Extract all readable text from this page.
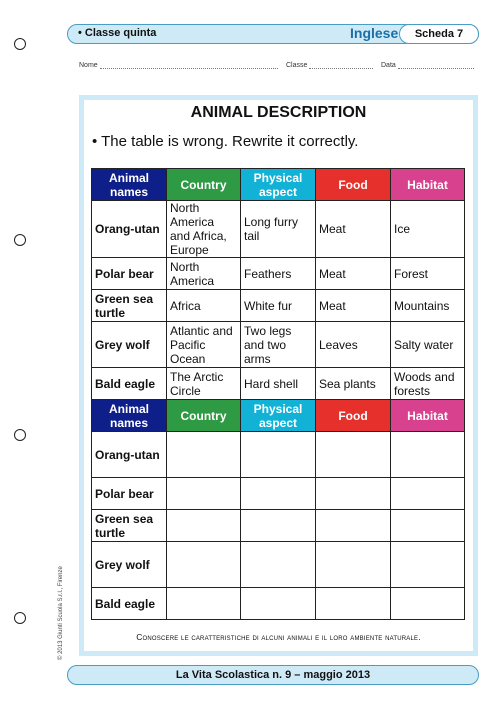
• Classe quinta	Inglese	Scheda 7
Nome	Classe	Data
ANIMAL DESCRIPTION
• The table is wrong. Rewrite it correctly.
Animal names	Country	Physical aspect	Food	Habitat
Orang-utan	North America and Africa, Europe	Long furry tail	Meat	Ice
Polar bear	North America	Feathers	Meat	Forest
Green sea turtle	Africa	White fur	Meat	Mountains
Grey wolf	Atlantic and Pacific Ocean	Two legs and two arms	Leaves	Salty water
Bald eagle	The Arctic Circle	Hard shell	Sea plants	Woods and forests
Animal names	Country	Physical aspect	Food	Habitat
Orang-utan				
Polar bear				
Green sea turtle				
Grey wolf				
Bald eagle				
Conoscere le caratteristiche di alcuni animali e il loro ambiente naturale.
© 2013 Giunti Scuola S.r.l., Firenze
La Vita Scolastica n. 9 – maggio 2013
